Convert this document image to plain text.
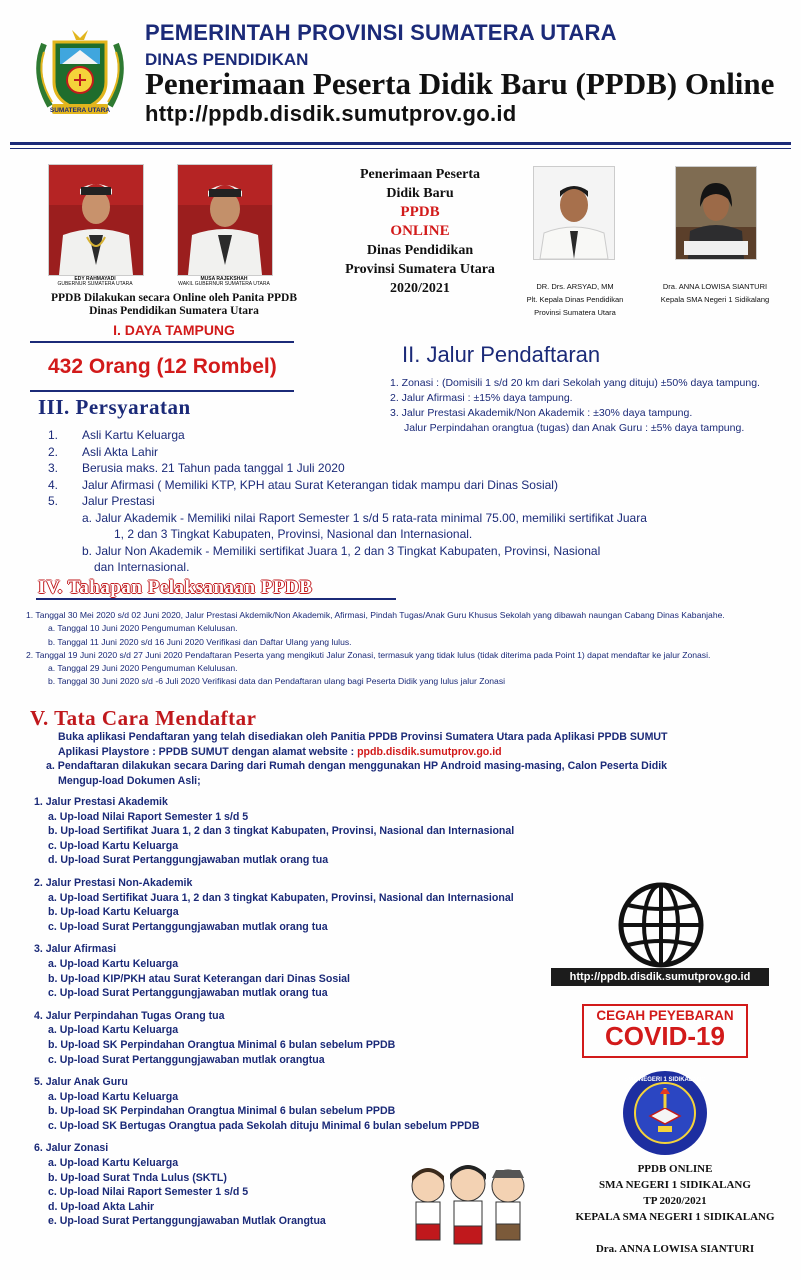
SUMATERA UTARA
PEMERINTAH PROVINSI SUMATERA UTARA
DINAS PENDIDIKAN
Penerimaan Peserta Didik Baru (PPDB) Online
http://ppdb.disdik.sumutprov.go.id
EDY RAHMAYADI
GUBERNUR SUMATERA UTARA
MUSA RAJEKSHAH
WAKIL GUBERNUR SUMATERA UTARA
PPDB Dilakukan secara Online oleh Panita PPDB
Dinas Pendidikan Sumatera Utara
Penerimaan Peserta
Didik Baru
PPDB
ONLINE
Dinas Pendidikan
Provinsi Sumatera Utara
2020/2021	DR. Drs. ARSYAD, MM
Plt. Kepala Dinas Pendidikan
Provinsi Sumatera Utara
Dra. ANNA LOWISA SIANTURI
Kepala SMA Negeri 1 Sidikalang
I. DAYA TAMPUNG
432 Orang (12 Rombel)	II. Jalur Pendaftaran
1. Zonasi : (Domisili 1 s/d 20 km dari Sekolah yang dituju) ±50% daya tampung.
2. Jalur Afirmasi : ±15% daya tampung.
3. Jalur Prestasi Akademik/Non Akademik : ±30% daya tampung.
Jalur Perpindahan orangtua (tugas) dan Anak Guru : ±5% daya tampung.
III. Persyaratan
1.	Asli Kartu Keluarga
2.	Asli Akta Lahir
3.	Berusia maks. 21 Tahun pada tanggal 1 Juli 2020
4.	Jalur Afirmasi ( Memiliki KTP, KPH atau Surat Keterangan tidak mampu dari Dinas Sosial)
5.	Jalur Prestasi
a. Jalur Akademik - Memiliki nilai Raport Semester 1 s/d 5 rata-rata minimal 75.00, memiliki sertifikat Juara
1, 2 dan 3 Tingkat Kabupaten, Provinsi, Nasional dan Internasional.
b. Jalur Non Akademik - Memiliki sertifikat Juara 1, 2 dan 3 Tingkat Kabupaten, Provinsi, Nasional
dan Internasional.
IV. Tahapan Pelaksanaan PPDB
1. Tanggal 30 Mei 2020 s/d 02 Juni 2020, Jalur Prestasi Akdemik/Non Akademik, Afirmasi, Pindah Tugas/Anak Guru Khusus Sekolah yang dibawah naungan Cabang Dinas Kabanjahe.
a. Tanggal 10 Juni 2020 Pengumuman Kelulusan.
b. Tanggal 11 Juni 2020 s/d 16 Juni 2020 Verifikasi dan Daftar Ulang yang lulus.
2. Tanggal 19 Juni 2020 s/d 27 Juni 2020 Pendaftaran Peserta yang mengikuti Jalur Zonasi, termasuk yang tidak lulus (tidak diterima pada Point 1) dapat mendaftar ke jalur Zonasi.
a. Tanggal 29 Juni 2020 Pengumuman Kelulusan.
b. Tanggal 30 Juni 2020 s/d -6 Juli 2020 Verifikasi data dan Pendaftaran ulang bagi Peserta Didik yang lulus jalur Zonasi
V. Tata Cara Mendaftar
Buka aplikasi Pendaftaran yang telah disediakan oleh Panitia PPDB Provinsi Sumatera Utara pada Aplikasi PPDB SUMUT
Aplikasi Playstore : PPDB SUMUT dengan alamat website : ppdb.disdik.sumutprov.go.id
a. Pendaftaran dilakukan secara Daring dari Rumah dengan menggunakan HP Android masing-masing, Calon Peserta Didik
Mengup-load Dokumen Asli;
1. Jalur Prestasi Akademik
a. Up-load Nilai Raport Semester 1 s/d 5
b. Up-load Sertifikat Juara 1, 2 dan 3 tingkat Kabupaten, Provinsi, Nasional dan Internasional
c. Up-load Kartu Keluarga
d. Up-load Surat Pertanggungjawaban mutlak orang tua
2. Jalur Prestasi Non-Akademik
a. Up-load Sertifikat Juara 1, 2 dan 3 tingkat Kabupaten, Provinsi, Nasional dan Internasional
b. Up-load Kartu Keluarga
c. Up-load Surat Pertanggungjawaban mutlak orang tua
3. Jalur Afirmasi
a. Up-load Kartu Keluarga
b. Up-load KIP/PKH atau Surat Keterangan dari Dinas Sosial
c. Up-load Surat Pertanggungjawaban mutlak orang tua
4. Jalur Perpindahan Tugas Orang tua
a. Up-load Kartu Keluarga
b. Up-load SK Perpindahan Orangtua Minimal 6 bulan sebelum PPDB
c. Up-load Surat Pertanggungjawaban mutlak orangtua
5. Jalur Anak Guru
a. Up-load Kartu Keluarga
b. Up-load SK Perpindahan Orangtua Minimal 6 bulan sebelum PPDB
c. Up-load SK Bertugas Orangtua pada Sekolah dituju Minimal 6 bulan sebelum PPDB
6. Jalur Zonasi
a. Up-load Kartu Keluarga
b. Up-load Surat Tnda Lulus (SKTL)
c. Up-load Nilai Raport Semester 1 s/d 5
d. Up-load Akta Lahir
e. Up-load Surat Pertanggungjawaban Mutlak Orangtua
http://ppdb.disdik.sumutprov.go.id
CEGAH PEYEBARAN
COVID-19
SMA NEGERI 1 SIDIKALANG
PPDB ONLINE
SMA NEGERI 1 SIDIKALANG
TP 2020/2021
KEPALA SMA NEGERI 1 SIDIKALANG
Dra. ANNA LOWISA SIANTURI
